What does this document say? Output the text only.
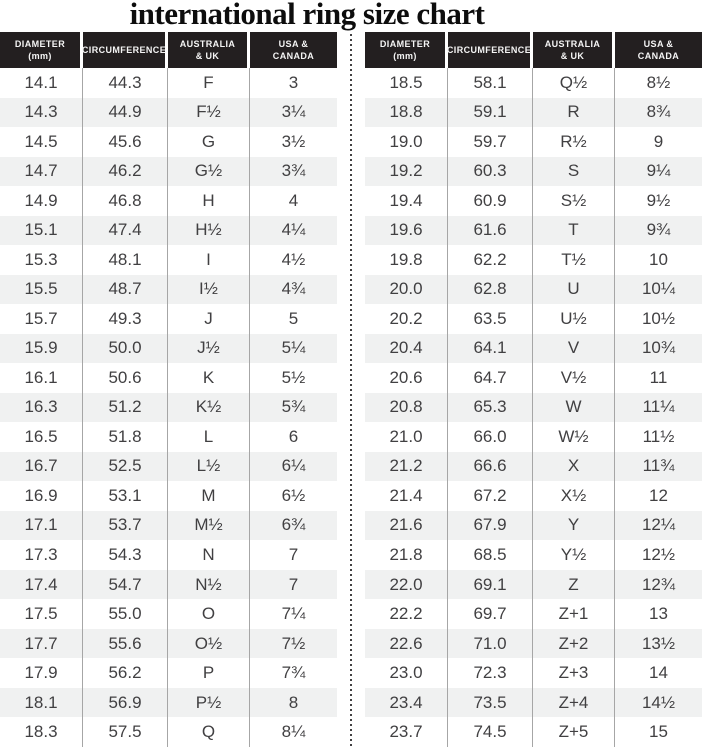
international ring size chart
DIAMETER
(mm)
CIRCUMFERENCE
AUSTRALIA
& UK
USA &
CANADA
14.1	44.3	F	3
14.3	44.9	F½	3¼
14.5	45.6	G	3½
14.7	46.2	G½	3¾
14.9	46.8	H	4
15.1	47.4	H½	4¼
15.3	48.1	I	4½
15.5	48.7	I½	4¾
15.7	49.3	J	5
15.9	50.0	J½	5¼
16.1	50.6	K	5½
16.3	51.2	K½	5¾
16.5	51.8	L	6
16.7	52.5	L½	6¼
16.9	53.1	M	6½
17.1	53.7	M½	6¾
17.3	54.3	N	7
17.4	54.7	N½	7
17.5	55.0	O	7¼
17.7	55.6	O½	7½
17.9	56.2	P	7¾
18.1	56.9	P½	8
18.3	57.5	Q	8¼
DIAMETER
(mm)
CIRCUMFERENCE
AUSTRALIA
& UK
USA &
CANADA
18.5	58.1	Q½	8½
18.8	59.1	R	8¾
19.0	59.7	R½	9
19.2	60.3	S	9¼
19.4	60.9	S½	9½
19.6	61.6	T	9¾
19.8	62.2	T½	10
20.0	62.8	U	10¼
20.2	63.5	U½	10½
20.4	64.1	V	10¾
20.6	64.7	V½	11
20.8	65.3	W	11¼
21.0	66.0	W½	11½
21.2	66.6	X	11¾
21.4	67.2	X½	12
21.6	67.9	Y	12¼
21.8	68.5	Y½	12½
22.0	69.1	Z	12¾
22.2	69.7	Z+1	13
22.6	71.0	Z+2	13½
23.0	72.3	Z+3	14
23.4	73.5	Z+4	14½
23.7	74.5	Z+5	15
